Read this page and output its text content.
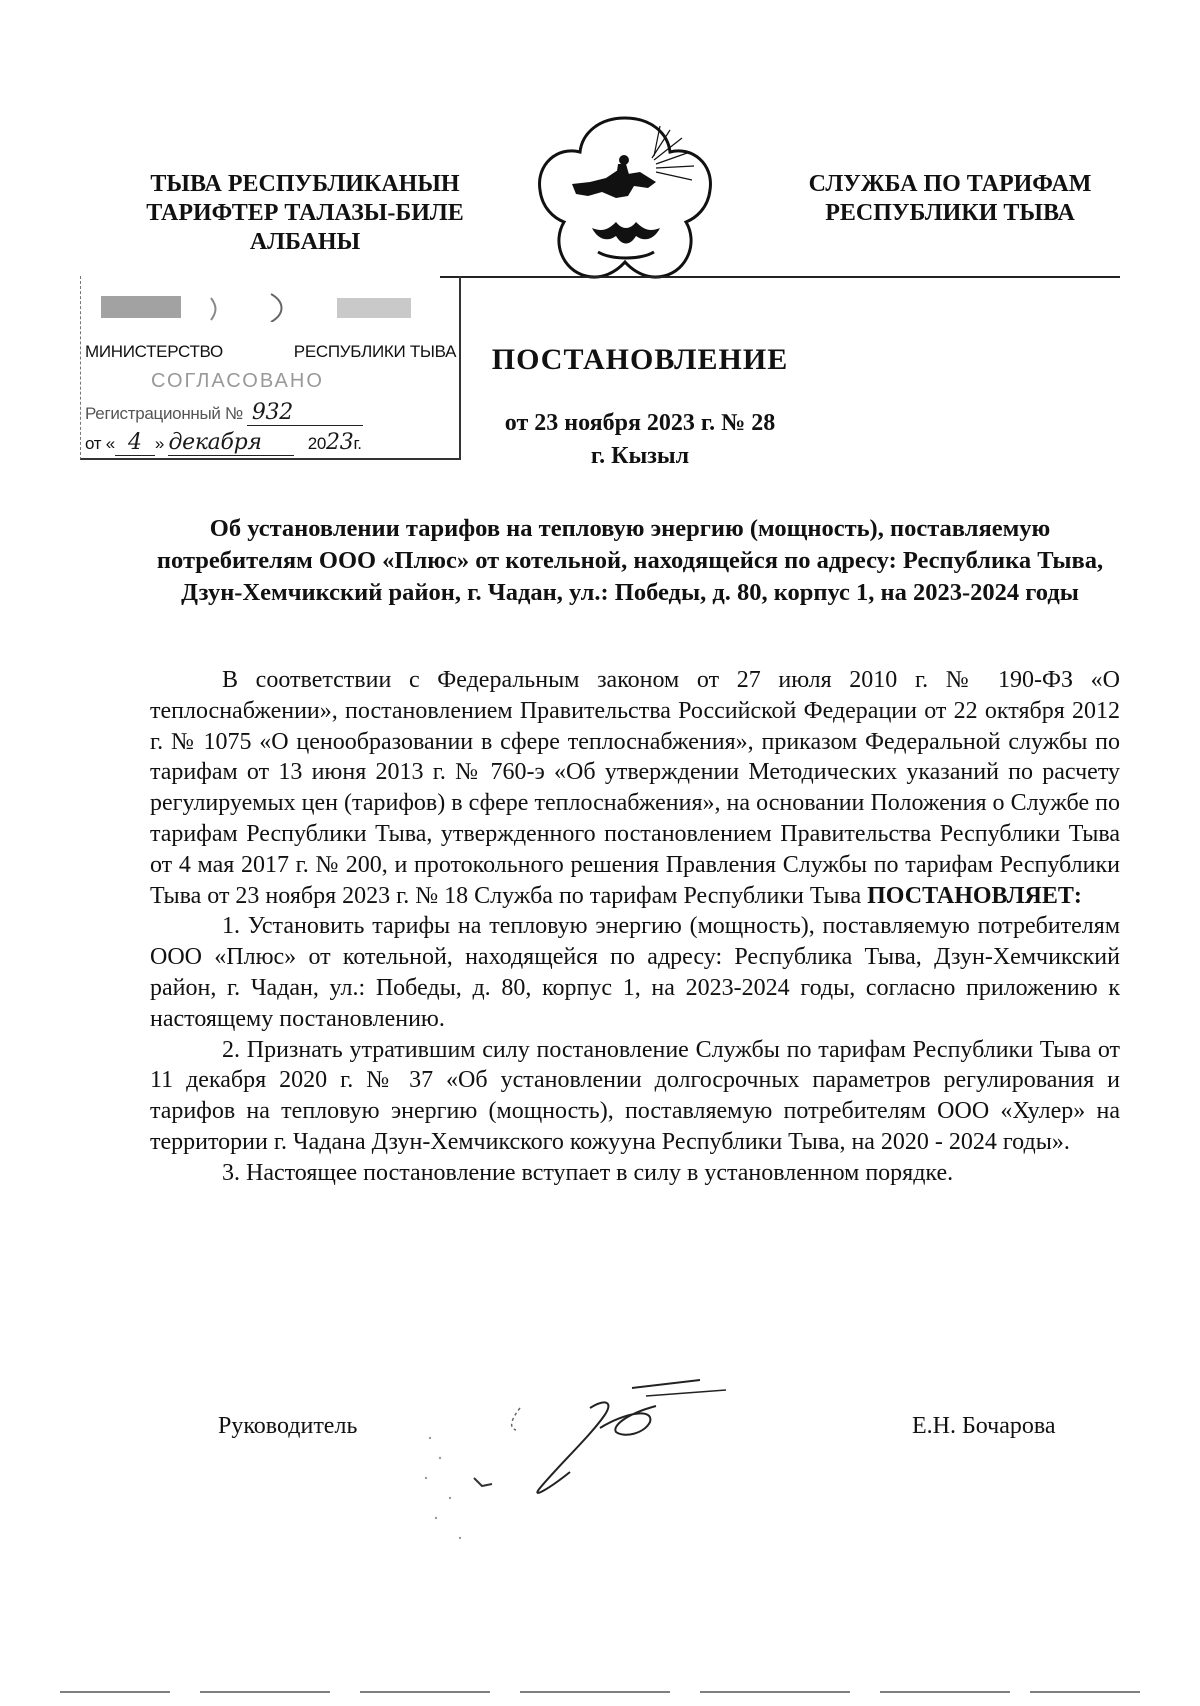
ТЫВА РЕСПУБЛИКАНЫН ТАРИФТЕР ТАЛАЗЫ-БИЛЕ АЛБАНЫ
СЛУЖБА ПО ТАРИФАМ РЕСПУБЛИКИ ТЫВА
МИНИСТЕРСТВО	РЕСПУБЛИКИ ТЫВА
СОГЛАСОВАНО
Регистрационный № 932
от « 4 » декабря	2023г.
ПОСТАНОВЛЕНИЕ
от 23 ноября 2023 г. № 28
г. Кызыл
Об установлении тарифов на тепловую энергию (мощность), поставляемую потребителям ООО «Плюс» от котельной, находящейся по адресу: Республика Тыва, Дзун-Хемчикский район, г. Чадан, ул.: Победы, д. 80, корпус 1, на 2023-2024 годы

В соответствии с Федеральным законом от 27 июля 2010 г. № 190-ФЗ «О теплоснабжении», постановлением Правительства Российской Федерации от 22 октября 2012 г. № 1075 «О ценообразовании в сфере теплоснабжения», приказом Федеральной службы по тарифам от 13 июня 2013 г. № 760-э «Об утверждении Методических указаний по расчету регулируемых цен (тарифов) в сфере теплоснабжения», на основании Положения о Службе по тарифам Республики Тыва, утвержденного постановлением Правительства Республики Тыва от 4 мая 2017 г. № 200, и протокольного решения Правления Службы по тарифам Республики Тыва от 23 ноября 2023 г. № 18 Служба по тарифам Республики Тыва ПОСТАНОВЛЯЕТ:

1. Установить тарифы на тепловую энергию (мощность), поставляемую потребителям ООО «Плюс» от котельной, находящейся по адресу: Республика Тыва, Дзун-Хемчикский район, г. Чадан, ул.: Победы, д. 80, корпус 1, на 2023-2024 годы, согласно приложению к настоящему постановлению.

2. Признать утратившим силу постановление Службы по тарифам Республики Тыва от 11 декабря 2020 г. № 37 «Об установлении долгосрочных параметров регулирования и тарифов на тепловую энергию (мощность), поставляемую потребителям ООО «Хулер» на территории г. Чадана Дзун-Хемчикского кожууна Республики Тыва, на 2020 - 2024 годы».

3. Настоящее постановление вступает в силу в установленном порядке.

Руководитель	Е.Н. Бочарова
